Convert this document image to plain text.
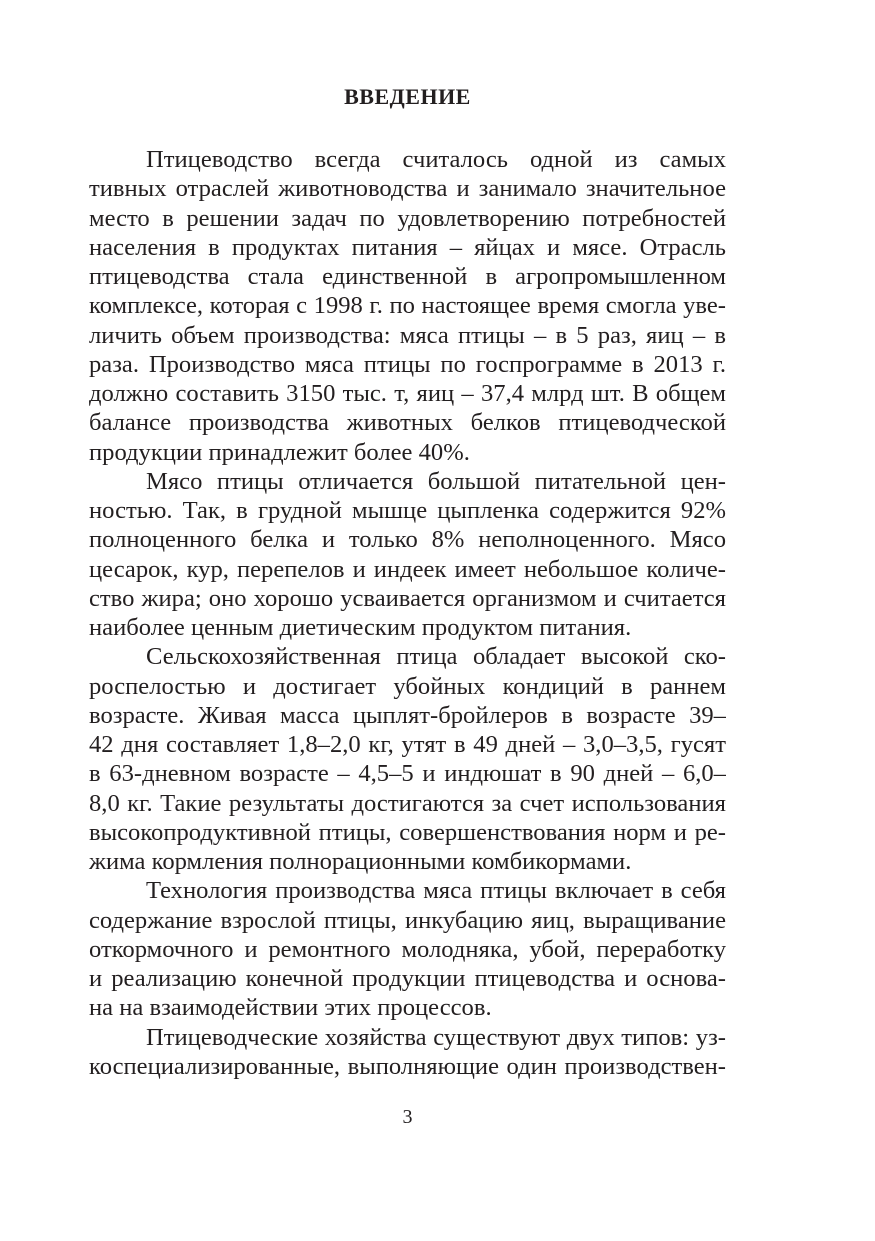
ВВЕДЕНИЕ
Птицеводство всегда считалось одной из самых
тивных отраслей животноводства и занимало значительное
место в решении задач по удовлетворению потребностей
населения в продуктах питания – яйцах и мясе. Отрасль
птицеводства стала единственной в агропромышленном
комплексе, которая с 1998 г. по настоящее время смогла уве-
личить объем производства: мяса птицы – в 5 раз, яиц – в
раза. Производство мяса птицы по госпрограмме в 2013 г.
должно составить 3150 тыс. т, яиц – 37,4 млрд шт. В общем
балансе производства животных белков птицеводческой
продукции принадлежит более 40%.
Мясо птицы отличается большой питательной цен-
ностью. Так, в грудной мышце цыпленка содержится 92%
полноценного белка и только 8% неполноценного. Мясо
цесарок, кур, перепелов и индеек имеет небольшое количе-
ство жира; оно хорошо усваивается организмом и считается
наиболее ценным диетическим продуктом питания.
Сельскохозяйственная птица обладает высокой ско-
роспелостью и достигает убойных кондиций в раннем
возрасте. Живая масса цыплят-бройлеров в возрасте 39–
42 дня составляет 1,8–2,0 кг, утят в 49 дней – 3,0–3,5, гусят
в 63-дневном возрасте – 4,5–5 и индюшат в 90 дней – 6,0–
8,0 кг. Такие результаты достигаются за счет использования
высокопродуктивной птицы, совершенствования норм и ре-
жима кормления полнорационными комбикормами.
Технология производства мяса птицы включает в себя
содержание взрослой птицы, инкубацию яиц, выращивание
откормочного и ремонтного молодняка, убой, переработку
и реализацию конечной продукции птицеводства и основа-
на на взаимодействии этих процессов.
Птицеводческие хозяйства существуют двух типов: уз-
коспециализированные, выполняющие один производствен-
3
